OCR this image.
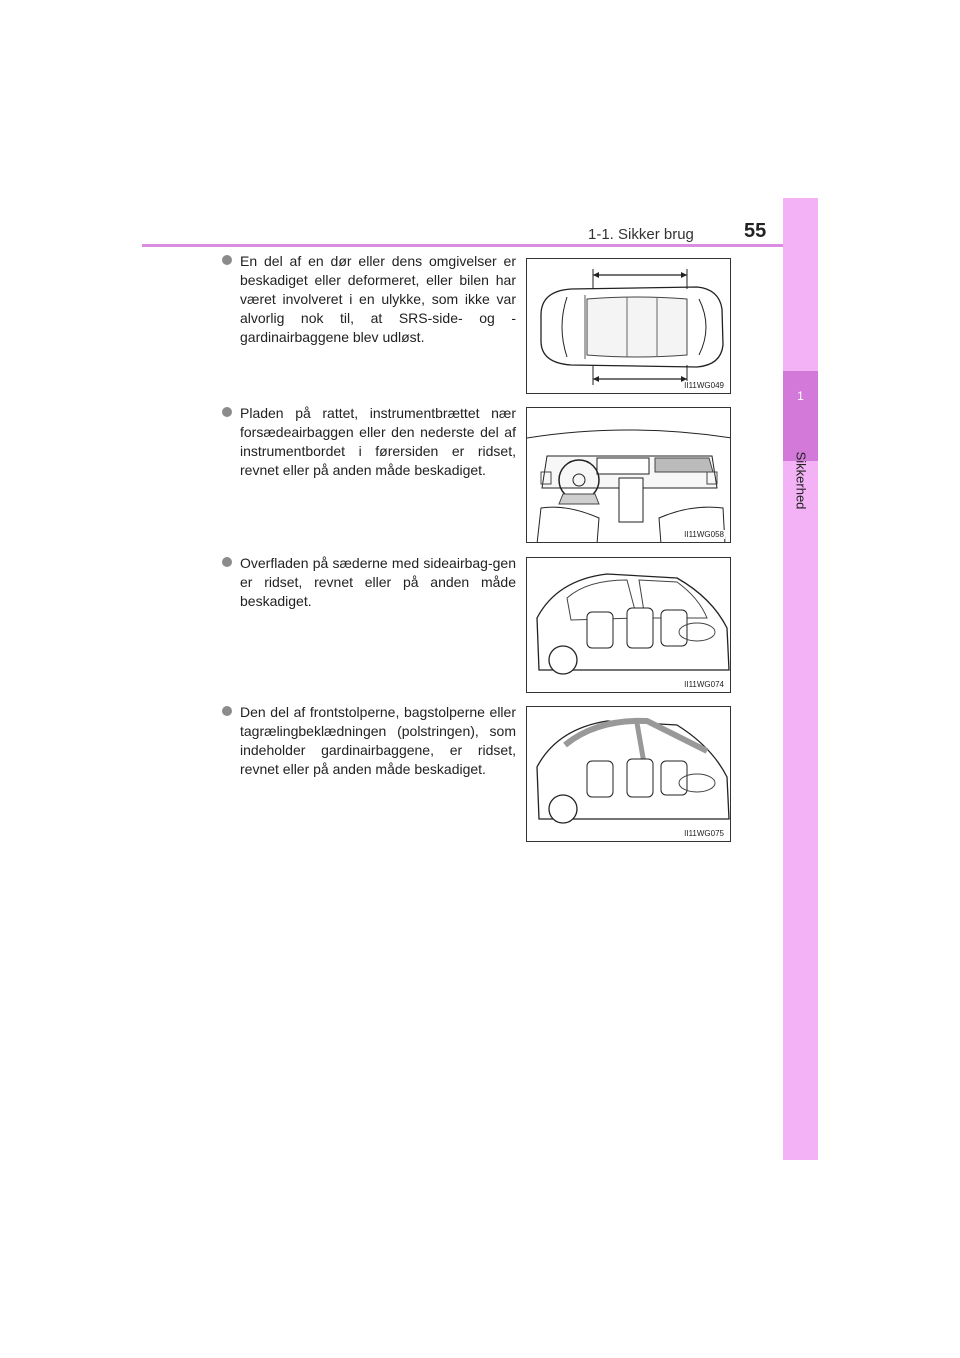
1-1. Sikker brug	55
1
Sikkerhed

En del af en dør eller dens omgivelser er beskadiget eller deformeret, eller bilen har været involveret i en ulykke, som ikke var alvorlig nok til, at SRS-side- og -gardinairbaggene blev udløst.

II11WG049

Pladen på rattet, instrumentbrættet nær forsædeairbaggen eller den nederste del af instrumentbordet i førersiden er ridset, revnet eller på anden måde beskadiget.

II11WG058

Overfladen på sæderne med sideairbag-gen er ridset, revnet eller på anden måde beskadiget.

II11WG074

Den del af frontstolperne, bagstolperne eller tagrælingbeklædningen (polstringen), som indeholder gardinairbaggene, er ridset, revnet eller på anden måde beskadiget.

II11WG075
